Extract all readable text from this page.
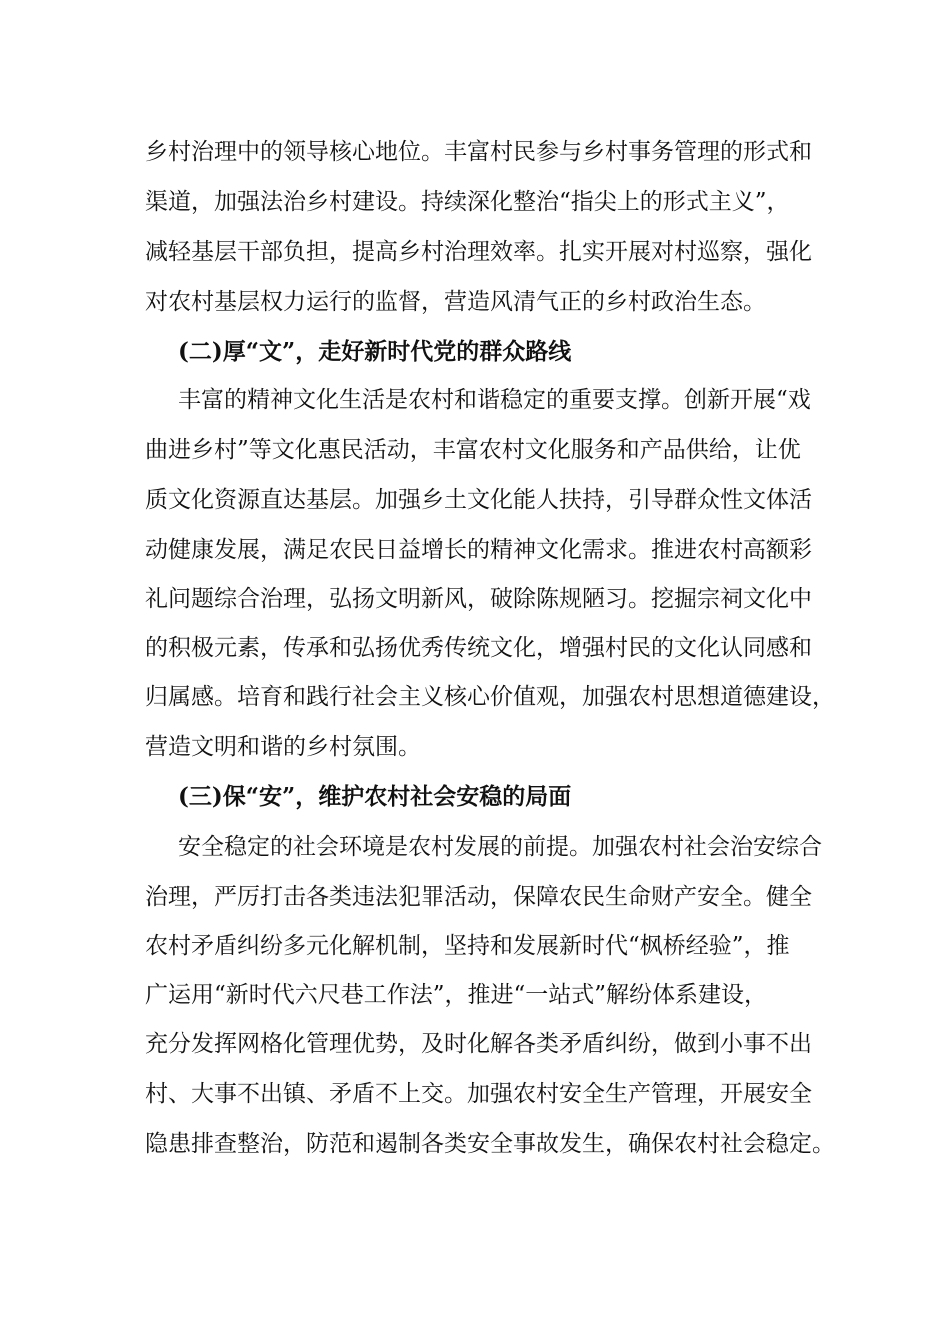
乡村治理中的领导核心地位。丰富村民参与乡村事务管理的形式和
渠道，加强法治乡村建设。持续深化整治“指尖上的形式主义”，
减轻基层干部负担，提高乡村治理效率。扎实开展对村巡察，强化
对农村基层权力运行的监督，营造风清气正的乡村政治生态。
(二)厚“文”，走好新时代党的群众路线
丰富的精神文化生活是农村和谐稳定的重要支撑。创新开展“戏
曲进乡村”等文化惠民活动，丰富农村文化服务和产品供给，让优
质文化资源直达基层。加强乡土文化能人扶持，引导群众性文体活
动健康发展，满足农民日益增长的精神文化需求。推进农村高额彩
礼问题综合治理，弘扬文明新风，破除陈规陋习。挖掘宗祠文化中
的积极元素，传承和弘扬优秀传统文化，增强村民的文化认同感和
归属感。培育和践行社会主义核心价值观，加强农村思想道德建设，
营造文明和谐的乡村氛围。
(三)保“安”，维护农村社会安稳的局面
安全稳定的社会环境是农村发展的前提。加强农村社会治安综合
治理，严厉打击各类违法犯罪活动，保障农民生命财产安全。健全
农村矛盾纠纷多元化解机制，坚持和发展新时代“枫桥经验”，推
广运用“新时代六尺巷工作法”，推进“一站式”解纷体系建设，
充分发挥网格化管理优势，及时化解各类矛盾纠纷，做到小事不出
村、大事不出镇、矛盾不上交。加强农村安全生产管理，开展安全
隐患排查整治，防范和遏制各类安全事故发生，确保农村社会稳定。
